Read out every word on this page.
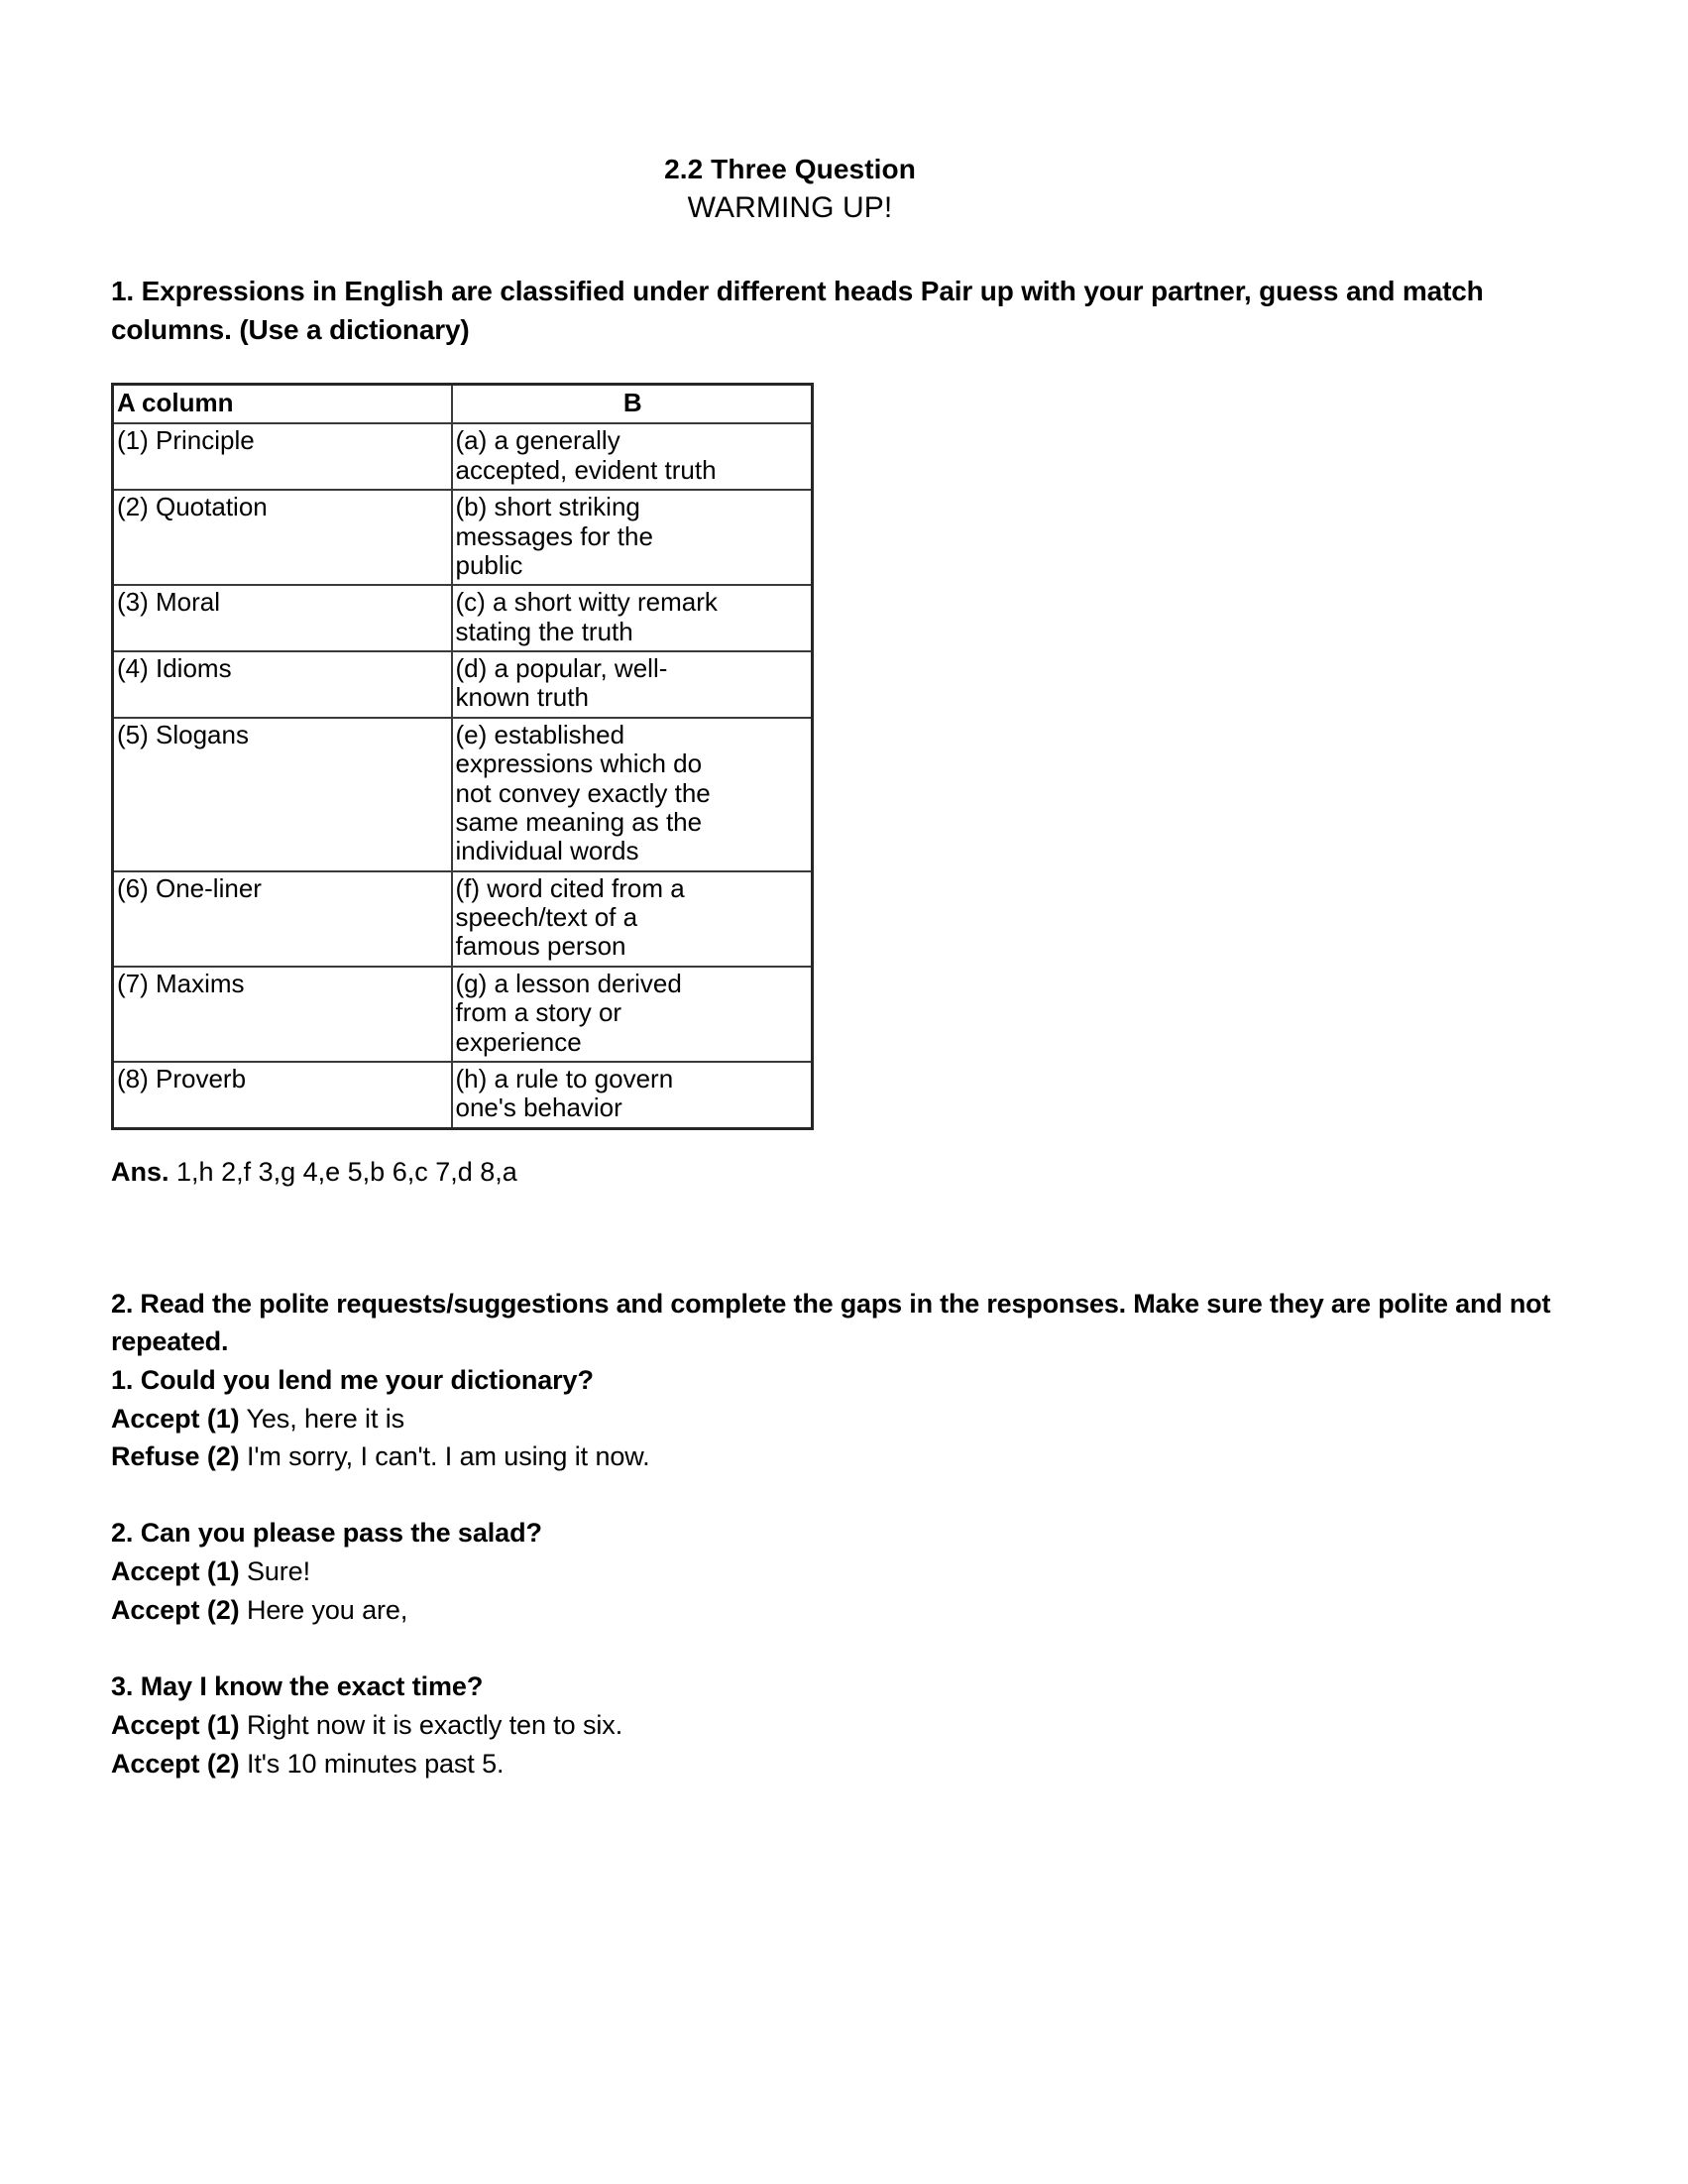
2.2 Three Question
WARMING UP!
1. Expressions in English are classified under different heads Pair up with your partner, guess and match columns. (Use a dictionary)
A column	B

(1) Principle	(a) a generally
accepted, evident truth

(2) Quotation	(b) short striking
messages for the
public

(3) Moral	(c) a short witty remark
stating the truth

(4) Idioms	(d) a popular, well-
known truth

(5) Slogans	(e) established
expressions which do
not convey exactly the
same meaning as the
individual words

(6) One-liner	(f) word cited from a
speech/text of a
famous person

(7) Maxims	(g) a lesson derived
from a story or
experience

(8) Proverb	(h) a rule to govern
one's behavior
Ans. 1,h 2,f 3,g 4,e 5,b 6,c 7,d 8,a
2. Read the polite requests/suggestions and complete the gaps in the responses. Make sure they are polite and not repeated.
1. Could you lend me your dictionary?
Accept (1) Yes, here it is
Refuse (2) I'm sorry, I can't. I am using it now.
2. Can you please pass the salad?
Accept (1) Sure!
Accept (2) Here you are,
3. May I know the exact time?
Accept (1) Right now it is exactly ten to six.
Accept (2) It's 10 minutes past 5.
